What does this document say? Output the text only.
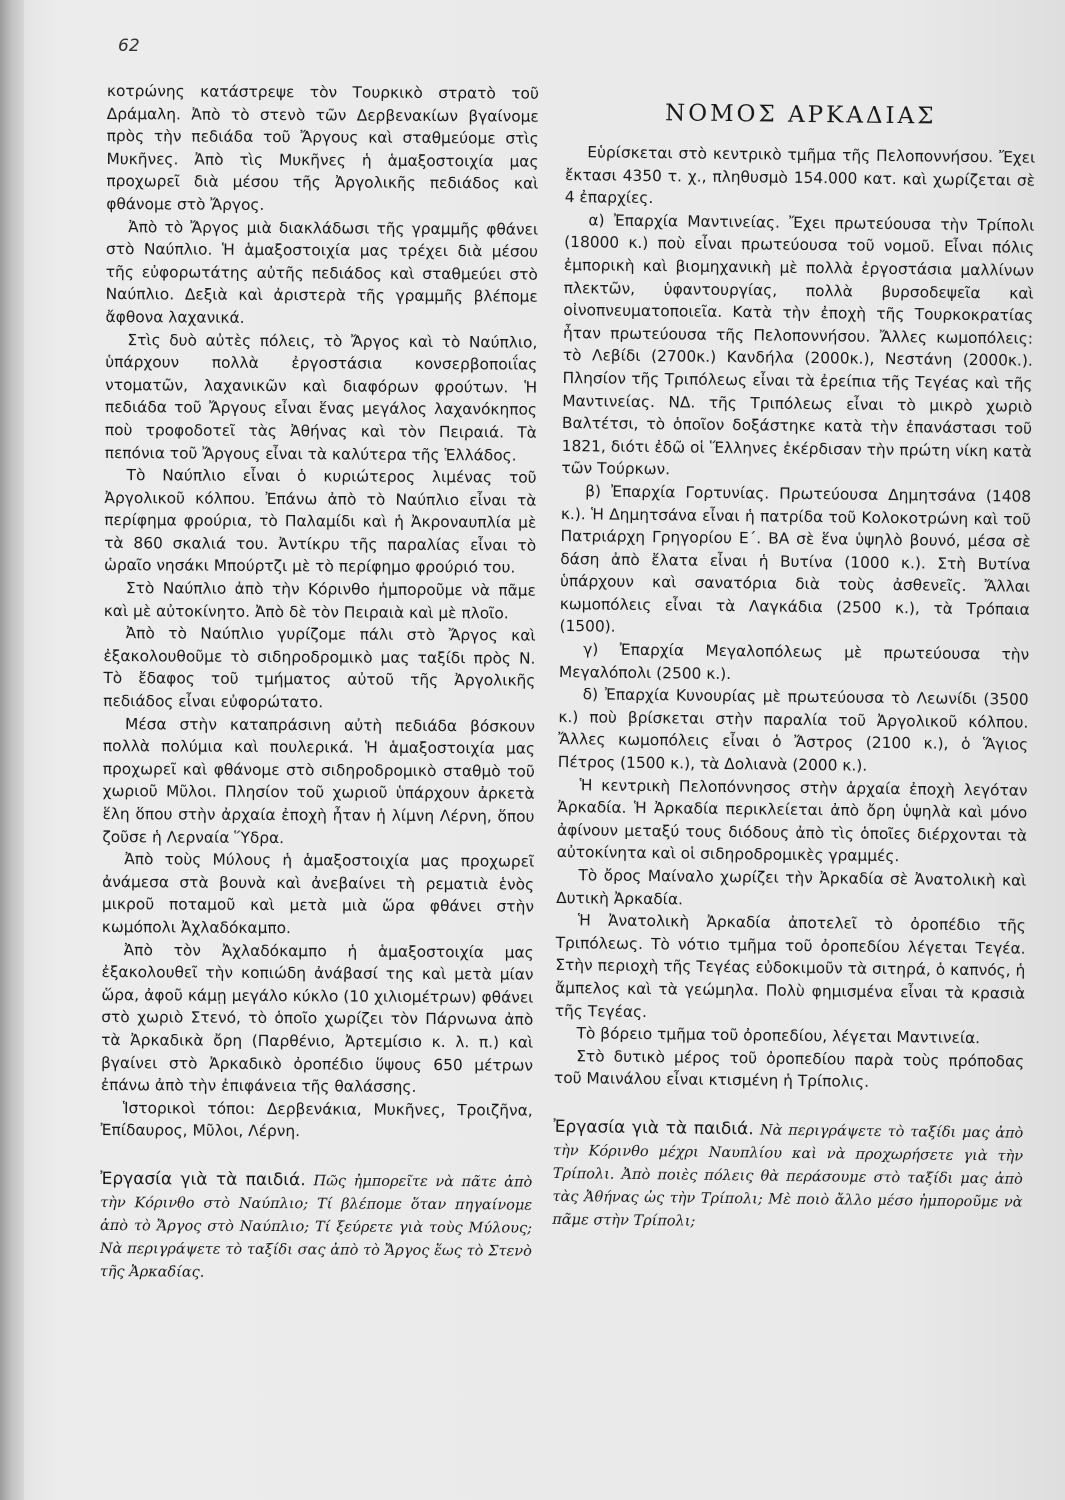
62

κοτρώνης κατάστρεψε τὸν Τουρκικὸ στρατὸ τοῦ Δράμαλη. Ἀπὸ τὸ στενὸ τῶν Δερβενακίων βγαίνομε πρὸς τὴν πεδιάδα τοῦ Ἄργους καὶ σταθμεύομε στὶς Μυκῆνες. Ἀπὸ τὶς Μυκῆνες ἡ ἁμαξοστοιχία μας προχωρεῖ διὰ μέσου τῆς Ἀργολικῆς πεδιάδος καὶ φθάνομε στὸ Ἄργος.

Ἀπὸ τὸ Ἄργος μιὰ διακλάδωσι τῆς γραμμῆς φθάνει στὸ Ναύπλιο. Ἡ ἁμαξοστοιχία μας τρέχει διὰ μέσου τῆς εὐφορωτάτης αὐτῆς πεδιάδος καὶ σταθμεύει στὸ Ναύπλιο. Δεξιὰ καὶ ἀριστερὰ τῆς γραμμῆς βλέπομε ἄφθονα λαχανικά.

Στὶς δυὸ αὐτὲς πόλεις, τὸ Ἄργος καὶ τὸ Ναύπλιο, ὑπάρχουν πολλὰ ἐργοστάσια κονσερβοποιΐας ντοματῶν, λαχανικῶν καὶ διαφόρων φρούτων. Ἡ πεδιάδα τοῦ Ἄργους εἶναι ἕνας μεγάλος λαχανόκηπος ποὺ τροφοδοτεῖ τὰς Ἀθήνας καὶ τὸν Πειραιά. Τὰ πεπόνια τοῦ Ἄργους εἶναι τὰ καλύτερα τῆς Ἑλλάδος.

Τὸ Ναύπλιο εἶναι ὁ κυριώτερος λιμένας τοῦ Ἀργολικοῦ κόλπου. Ἐπάνω ἀπὸ τὸ Ναύπλιο εἶναι τὰ περίφημα φρούρια, τὸ Παλαμίδι καὶ ἡ Ἀκροναυπλία μὲ τὰ 860 σκαλιά του. Ἀντίκρυ τῆς παραλίας εἶναι τὸ ὡραῖο νησάκι Μπούρτζι μὲ τὸ περίφημο φρούριό του.

Στὸ Ναύπλιο ἀπὸ τὴν Κόρινθο ἠμποροῦμε νὰ πᾶμε καὶ μὲ αὐτοκίνητο. Ἀπὸ δὲ τὸν Πειραιὰ καὶ μὲ πλοῖο.

Ἀπὸ τὸ Ναύπλιο γυρίζομε πάλι στὸ Ἄργος καὶ ἐξακολουθοῦμε τὸ σιδηροδρομικὸ μας ταξίδι πρὸς Ν. Τὸ ἔδαφος τοῦ τμήματος αὐτοῦ τῆς Ἀργολικῆς πεδιάδος εἶναι εὐφορώτατο.

Μέσα στὴν καταπράσινη αὐτὴ πεδιάδα βόσκουν πολλὰ πολύμια καὶ πουλερικά. Ἡ ἁμαξοστοιχία μας προχωρεῖ καὶ φθάνομε στὸ σιδηροδρομικὸ σταθμὸ τοῦ χωριοῦ Μῦλοι. Πλησίον τοῦ χωριοῦ ὑπάρχουν ἀρκετὰ ἕλη ὅπου στὴν ἀρχαία ἐποχὴ ἦταν ἡ λίμνη Λέρνη, ὅπου ζοῦσε ἡ Λερναία Ὕδρα.

Ἀπὸ τοὺς Μύλους ἡ ἁμαξοστοιχία μας προχωρεῖ ἀνάμεσα στὰ βουνὰ καὶ ἀνεβαίνει τὴ ρεματιὰ ἑνὸς μικροῦ ποταμοῦ καὶ μετὰ μιὰ ὥρα φθάνει στὴν κωμόπολι Ἀχλαδόκαμπο.

Ἀπὸ τὸν Ἀχλαδόκαμπο ἡ ἁμαξοστοιχία μας ἐξακολουθεῖ τὴν κοπιώδη ἀνάβασί της καὶ μετὰ μίαν ὥρα, ἀφοῦ κάμῃ μεγάλο κύκλο (10 χιλιομέτρων) φθάνει στὸ χωριὸ Στενό, τὸ ὁποῖο χωρίζει τὸν Πάρνωνα ἀπὸ τὰ Ἀρκαδικὰ ὄρη (Παρθένιο, Ἀρτεμίσιο κ. λ. π.) καὶ βγαίνει στὸ Ἀρκαδικὸ ὀροπέδιο ὕψους 650 μέτρων ἐπάνω ἀπὸ τὴν ἐπιφάνεια τῆς θαλάσσης.

Ἱστορικοὶ τόποι: Δερβενάκια, Μυκῆνες, Τροιζῆνα, Ἐπίδαυρος, Μῦλοι, Λέρνη.

Ἐργασία γιὰ τὰ παιδιά. Πῶς ἠμπορεῖτε νὰ πᾶτε ἀπὸ τὴν Κόρινθο στὸ Ναύπλιο; Τί βλέπομε ὅταν πηγαίνομε ἀπὸ τὸ Ἄργος στὸ Ναύπλιο; Τί ξεύρετε γιὰ τοὺς Μύλους; Νὰ περιγράψετε τὸ ταξίδι σας ἀπὸ τὸ Ἄργος ἕως τὸ Στενὸ τῆς Ἀρκαδίας.

ΝΟΜΟΣ ΑΡΚΑΔΙΑΣ

Εὑρίσκεται στὸ κεντρικὸ τμῆμα τῆς Πελοποννήσου. Ἔχει ἔκτασι 4350 τ. χ., πληθυσμὸ 154.000 κατ. καὶ χωρίζεται σὲ 4 ἐπαρχίες.

α) Ἐπαρχία Μαντινείας. Ἔχει πρωτεύουσα τὴν Τρίπολι (18000 κ.) ποὺ εἶναι πρωτεύουσα τοῦ νομοῦ. Εἶναι πόλις ἐμπορικὴ καὶ βιομηχανικὴ μὲ πολλὰ ἐργοστάσια μαλλίνων πλεκτῶν, ὑφαντουργίας, πολλὰ βυρσοδεψεῖα καὶ οἰνοπνευματοποιεῖα. Κατὰ τὴν ἐποχὴ τῆς Τουρκοκρατίας ἦταν πρωτεύουσα τῆς Πελοποννήσου. Ἄλλες κωμοπόλεις: τὸ Λεβίδι (2700κ.) Κανδήλα (2000κ.), Νεστάνη (2000κ.). Πλησίον τῆς Τριπόλεως εἶναι τὰ ἐρείπια τῆς Τεγέας καὶ τῆς Μαντινείας. ΝΔ. τῆς Τριπόλεως εἶναι τὸ μικρὸ χωριὸ Βαλτέτσι, τὸ ὁποῖον δοξάστηκε κατὰ τὴν ἐπανάστασι τοῦ 1821, διότι ἐδῶ οἱ Ἕλληνες ἐκέρδισαν τὴν πρώτη νίκη κατὰ τῶν Τούρκων.

β) Ἐπαρχία Γορτυνίας. Πρωτεύουσα Δημητσάνα (1408 κ.). Ἡ Δημητσάνα εἶναι ἡ πατρίδα τοῦ Κολοκοτρώνη καὶ τοῦ Πατριάρχη Γρηγορίου Ε΄. ΒΑ σὲ ἕνα ὑψηλὸ βουνό, μέσα σὲ δάση ἀπὸ ἔλατα εἶναι ἡ Βυτίνα (1000 κ.). Στὴ Βυτίνα ὑπάρχουν καὶ σανατόρια διὰ τοὺς ἀσθενεῖς. Ἄλλαι κωμοπόλεις εἶναι τὰ Λαγκάδια (2500 κ.), τὰ Τρόπαια (1500).

γ) Ἐπαρχία Μεγαλοπόλεως μὲ πρωτεύουσα τὴν Μεγαλόπολι (2500 κ.).

δ) Ἐπαρχία Κυνουρίας μὲ πρωτεύουσα τὸ Λεωνίδι (3500 κ.) ποὺ βρίσκεται στὴν παραλία τοῦ Ἀργολικοῦ κόλπου. Ἄλλες κωμοπόλεις εἶναι ὁ Ἄστρος (2100 κ.), ὁ Ἅγιος Πέτρος (1500 κ.), τὰ Δολιανὰ (2000 κ.).

Ἡ κεντρικὴ Πελοπόννησος στὴν ἀρχαία ἐποχὴ λεγόταν Ἀρκαδία. Ἡ Ἀρκαδία περικλείεται ἀπὸ ὄρη ὑψηλὰ καὶ μόνο ἀφίνουν μεταξύ τους διόδους ἀπὸ τὶς ὁποῖες διέρχονται τὰ αὐτοκίνητα καὶ οἱ σιδηροδρομικὲς γραμμές.

Τὸ ὄρος Μαίναλο χωρίζει τὴν Ἀρκαδία σὲ Ἀνατολικὴ καὶ Δυτικὴ Ἀρκαδία.

Ἡ Ἀνατολικὴ Ἀρκαδία ἀποτελεῖ τὸ ὀροπέδιο τῆς Τριπόλεως. Τὸ νότιο τμῆμα τοῦ ὀροπεδίου λέγεται Τεγέα. Στὴν περιοχὴ τῆς Τεγέας εὐδοκιμοῦν τὰ σιτηρά, ὁ καπνός, ἡ ἄμπελος καὶ τὰ γεώμηλα. Πολὺ φημισμένα εἶναι τὰ κρασιὰ τῆς Τεγέας.

Τὸ βόρειο τμῆμα τοῦ ὀροπεδίου, λέγεται Μαντινεία.

Στὸ δυτικὸ μέρος τοῦ ὀροπεδίου παρὰ τοὺς πρόποδας τοῦ Μαινάλου εἶναι κτισμένη ἡ Τρίπολις.

Ἐργασία γιὰ τὰ παιδιά. Νὰ περιγράψετε τὸ ταξίδι μας ἀπὸ τὴν Κόρινθο μέχρι Ναυπλίου καὶ νὰ προχωρήσετε γιὰ τὴν Τρίπολι. Ἀπὸ ποιὲς πόλεις θὰ περάσουμε στὸ ταξίδι μας ἀπὸ τὰς Ἀθήνας ὡς τὴν Τρίπολι; Μὲ ποιὸ ἄλλο μέσο ἠμποροῦμε νὰ πᾶμε στὴν Τρίπολι;
